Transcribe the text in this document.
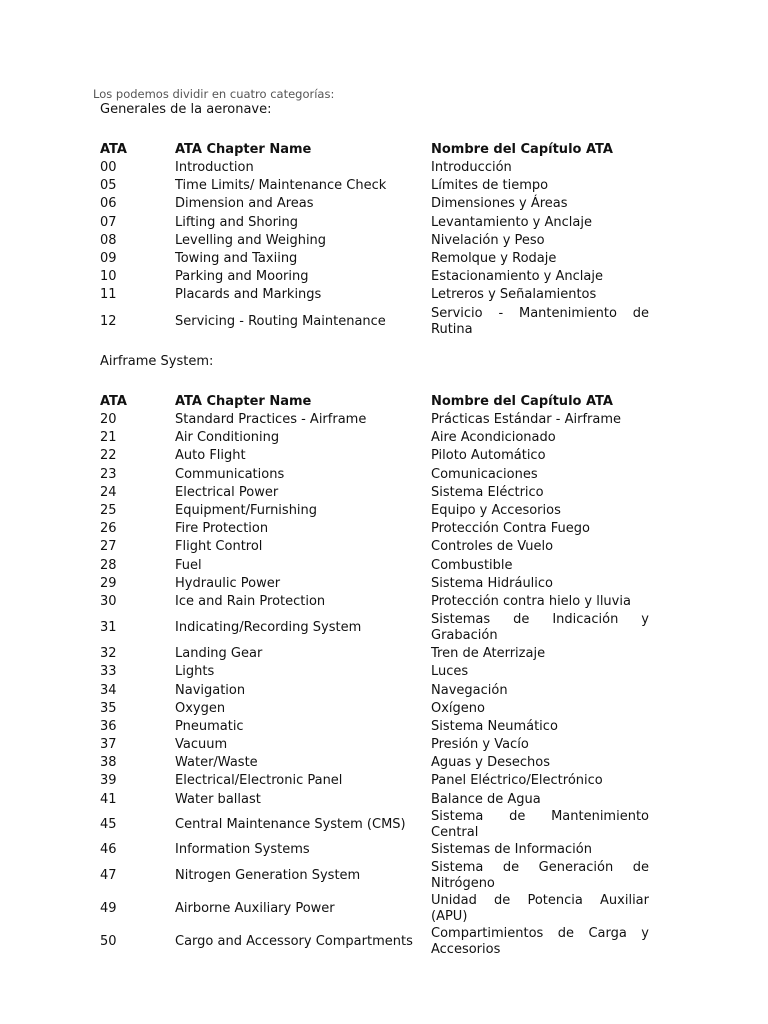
Los podemos dividir en cuatro categorías:

Generales de la aeronave:

ATA	ATA Chapter Name	Nombre del Capítulo ATA
00	Introduction	Introducción
05	Time Limits/ Maintenance Check	Límites de tiempo
06	Dimension and Areas	Dimensiones y Áreas
07	Lifting and Shoring	Levantamiento y Anclaje
08	Levelling and Weighing	Nivelación y Peso
09	Towing and Taxiing	Remolque y Rodaje
10	Parking and Mooring	Estacionamiento y Anclaje
11	Placards and Markings	Letreros y Señalamientos
12	Servicing - Routing Maintenance	Servicio - Mantenimiento de Rutina

Airframe System:

ATA	ATA Chapter Name	Nombre del Capítulo ATA
20	Standard Practices - Airframe	Prácticas Estándar - Airframe
21	Air Conditioning	Aire Acondicionado
22	Auto Flight	Piloto Automático
23	Communications	Comunicaciones
24	Electrical Power	Sistema Eléctrico
25	Equipment/Furnishing	Equipo y Accesorios
26	Fire Protection	Protección Contra Fuego
27	Flight Control	Controles de Vuelo
28	Fuel	Combustible
29	Hydraulic Power	Sistema Hidráulico
30	Ice and Rain Protection	Protección contra hielo y lluvia
31	Indicating/Recording System	Sistemas de Indicación y Grabación
32	Landing Gear	Tren de Aterrizaje
33	Lights	Luces
34	Navigation	Navegación
35	Oxygen	Oxígeno
36	Pneumatic	Sistema Neumático
37	Vacuum	Presión y Vacío
38	Water/Waste	Aguas y Desechos
39	Electrical/Electronic Panel	Panel Eléctrico/Electrónico
41	Water ballast	Balance de Agua
45	Central Maintenance System (CMS)	Sistema de Mantenimiento Central
46	Information Systems	Sistemas de Información
47	Nitrogen Generation System	Sistema de Generación de Nitrógeno
49	Airborne Auxiliary Power	Unidad de Potencia Auxiliar (APU)
50	Cargo and Accessory Compartments	Compartimientos de Carga y Accesorios
